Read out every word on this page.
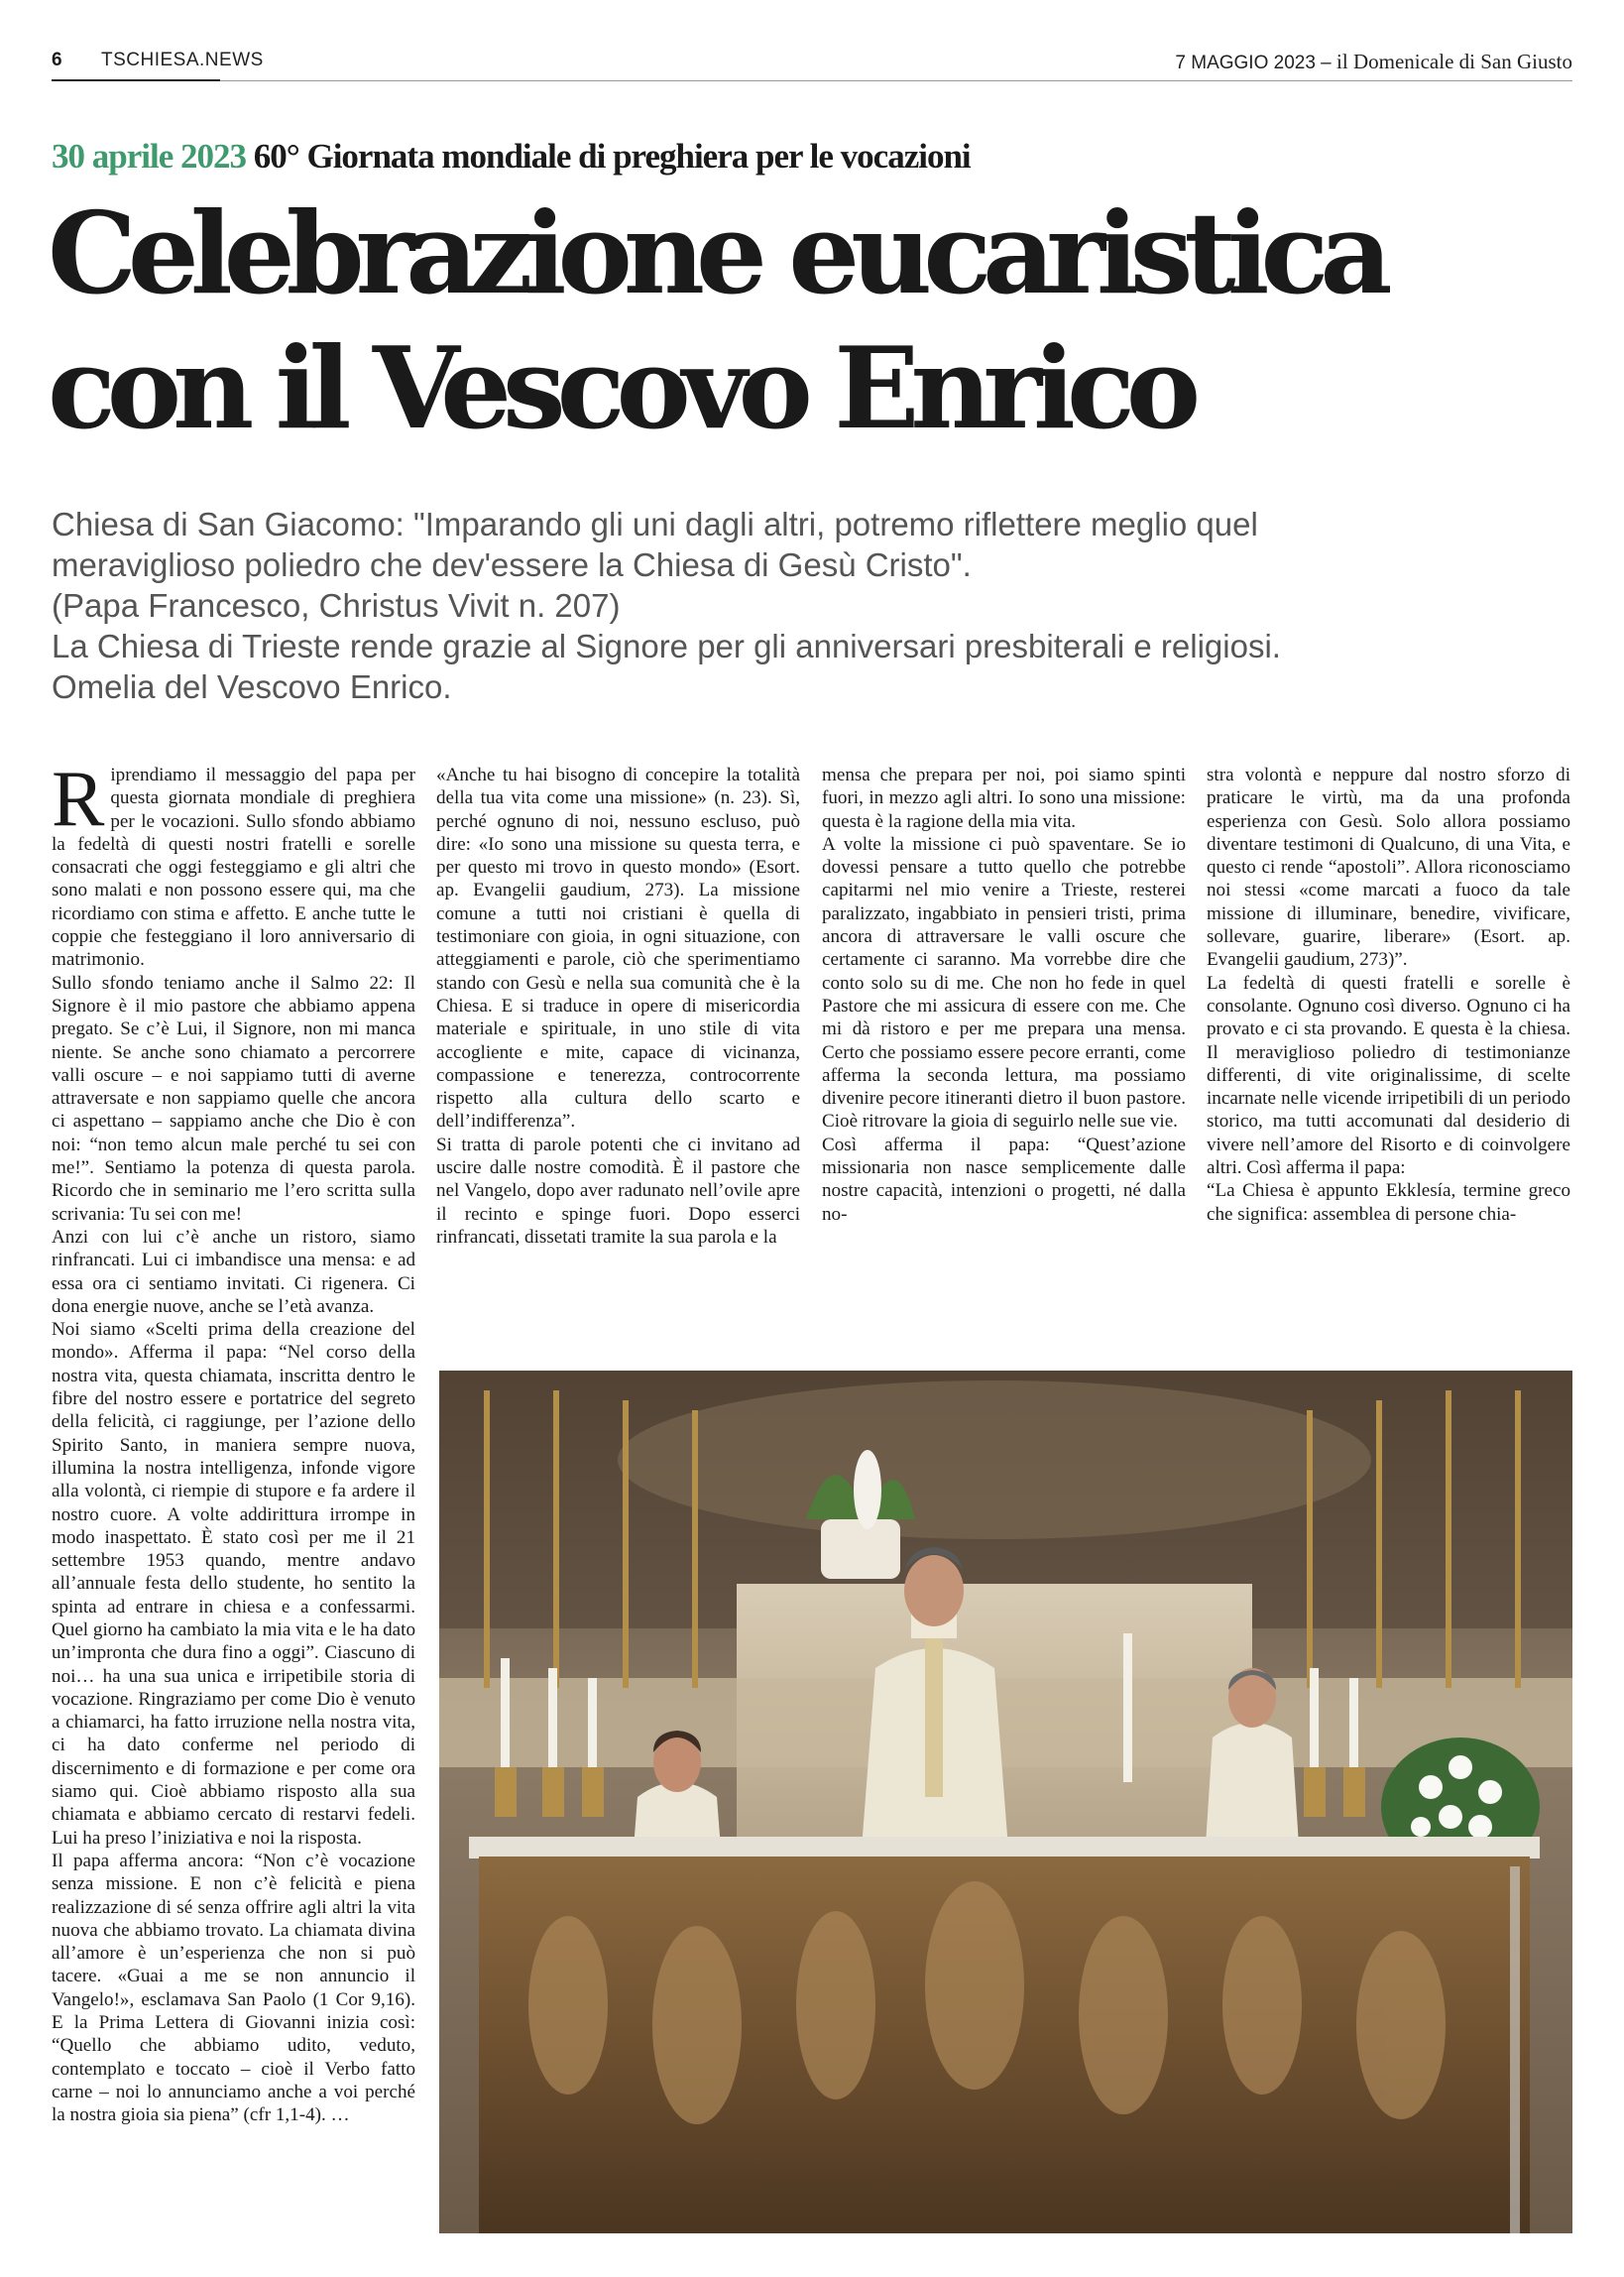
6 TSCHIESA.NEWS	7 MAGGIO 2023 – il Domenicale di San Giusto
30 aprile 2023 60° Giornata mondiale di preghiera per le vocazioni
Celebrazione eucaristica
con il Vescovo Enrico
Chiesa di San Giacomo: "Imparando gli uni dagli altri, potremo riflettere meglio quel
meraviglioso poliedro che dev'essere la Chiesa di Gesù Cristo".
(Papa Francesco, Christus Vivit n. 207)
La Chiesa di Trieste rende grazie al Signore per gli anniversari presbiterali e religiosi.
Omelia del Vescovo Enrico.
R iprendiamo il messaggio del papa per questa giornata mondiale di preghiera per le vocazioni. Sullo sfondo abbiamo la fedeltà di questi nostri fratelli e sorelle consacrati che oggi festeggiamo e gli altri che sono malati e non possono essere qui, ma che ricordiamo con stima e affetto. E anche tutte le coppie che festeggiano il loro anniversario di matrimonio.

Sullo sfondo teniamo anche il Salmo 22: Il Signore è il mio pastore che abbiamo appena pregato. Se c’è Lui, il Signore, non mi manca niente. Se anche sono chiamato a percorrere valli oscure – e noi sappiamo tutti di averne attraversate e non sappiamo quelle che ancora ci aspettano – sappiamo anche che Dio è con noi: “non temo alcun male perché tu sei con me!”. Sentiamo la potenza di questa parola. Ricordo che in seminario me l’ero scritta sulla scrivania: Tu sei con me!

Anzi con lui c’è anche un ristoro, siamo rinfrancati. Lui ci imbandisce una mensa: e ad essa ora ci sentiamo invitati. Ci rigenera. Ci dona energie nuove, anche se l’età avanza.

Noi siamo «Scelti prima della creazione del mondo». Afferma il papa: “Nel corso della nostra vita, questa chiamata, inscritta dentro le fibre del nostro essere e portatrice del segreto della felicità, ci raggiunge, per l’azione dello Spirito Santo, in maniera sempre nuova, illumina la nostra intelligenza, infonde vigore alla volontà, ci riempie di stupore e fa ardere il nostro cuore. A volte addirittura irrompe in modo inaspettato. È stato così per me il 21 settembre 1953 quando, mentre andavo all’annuale festa dello studente, ho sentito la spinta ad entrare in chiesa e a confessarmi. Quel giorno ha cambiato la mia vita e le ha dato un’impronta che dura fino a oggi”. Ciascuno di noi… ha una sua unica e irripetibile storia di vocazione. Ringraziamo per come Dio è venuto a chiamarci, ha fatto irruzione nella nostra vita, ci ha dato conferme nel periodo di discernimento e di formazione e per come ora siamo qui. Cioè abbiamo risposto alla sua chiamata e abbiamo cercato di restarvi fedeli. Lui ha preso l’iniziativa e noi la risposta.

Il papa afferma ancora: “Non c’è vocazione senza missione. E non c’è felicità e piena realizzazione di sé senza offrire agli altri la vita nuova che abbiamo trovato. La chiamata divina all’amore è un’esperienza che non si può tacere. «Guai a me se non annuncio il Vangelo!», esclamava San Paolo (1 Cor 9,16). E la Prima Lettera di Giovanni inizia così: “Quello che abbiamo udito, veduto, contemplato e toccato – cioè il Verbo fatto carne – noi lo annunciamo anche a voi perché la nostra gioia sia piena” (cfr 1,1-4). …

«Anche tu hai bisogno di concepire la totalità della tua vita come una missione» (n. 23). Sì, perché ognuno di noi, nessuno escluso, può dire: «Io sono una missione su questa terra, e per questo mi trovo in questo mondo» (Esort. ap. Evangelii gaudium, 273). La missione comune a tutti noi cristiani è quella di testimoniare con gioia, in ogni situazione, con atteggiamenti e parole, ciò che sperimentiamo stando con Gesù e nella sua comunità che è la Chiesa. E si traduce in opere di misericordia materiale e spirituale, in uno stile di vita accogliente e mite, capace di vicinanza, compassione e tenerezza, controcorrente rispetto alla cultura dello scarto e dell’indifferenza”.

Si tratta di parole potenti che ci invitano ad uscire dalle nostre comodità. È il pastore che nel Vangelo, dopo aver radunato nell’ovile apre il recinto e spinge fuori. Dopo esserci rinfrancati, dissetati tramite la sua parola e la

mensa che prepara per noi, poi siamo spinti fuori, in mezzo agli altri. Io sono una missione: questa è la ragione della mia vita.

A volte la missione ci può spaventare. Se io dovessi pensare a tutto quello che potrebbe capitarmi nel mio venire a Trieste, resterei paralizzato, ingabbiato in pensieri tristi, prima ancora di attraversare le valli oscure che certamente ci saranno. Ma vorrebbe dire che conto solo su di me. Che non ho fede in quel Pastore che mi assicura di essere con me. Che mi dà ristoro e per me prepara una mensa. Certo che possiamo essere pecore erranti, come afferma la seconda lettura, ma possiamo divenire pecore itineranti dietro il buon pastore. Cioè ritrovare la gioia di seguirlo nelle sue vie.

Così afferma il papa: “Quest’azione missionaria non nasce semplicemente dalle nostre capacità, intenzioni o progetti, né dalla no-

stra volontà e neppure dal nostro sforzo di praticare le virtù, ma da una profonda esperienza con Gesù. Solo allora possiamo diventare testimoni di Qualcuno, di una Vita, e questo ci rende “apostoli”. Allora riconosciamo noi stessi «come marcati a fuoco da tale missione di illuminare, benedire, vivificare, sollevare, guarire, liberare» (Esort. ap. Evangelii gaudium, 273)”.

La fedeltà di questi fratelli e sorelle è consolante. Ognuno così diverso. Ognuno ci ha provato e ci sta provando. E questa è la chiesa. Il meraviglioso poliedro di testimonianze differenti, di vite originalissime, di scelte incarnate nelle vicende irripetibili di un periodo storico, ma tutti accomunati dal desiderio di vivere nell’amore del Risorto e di coinvolgere altri. Così afferma il papa:

“La Chiesa è appunto Ekklesía, termine greco che significa: assemblea di persone chia-
